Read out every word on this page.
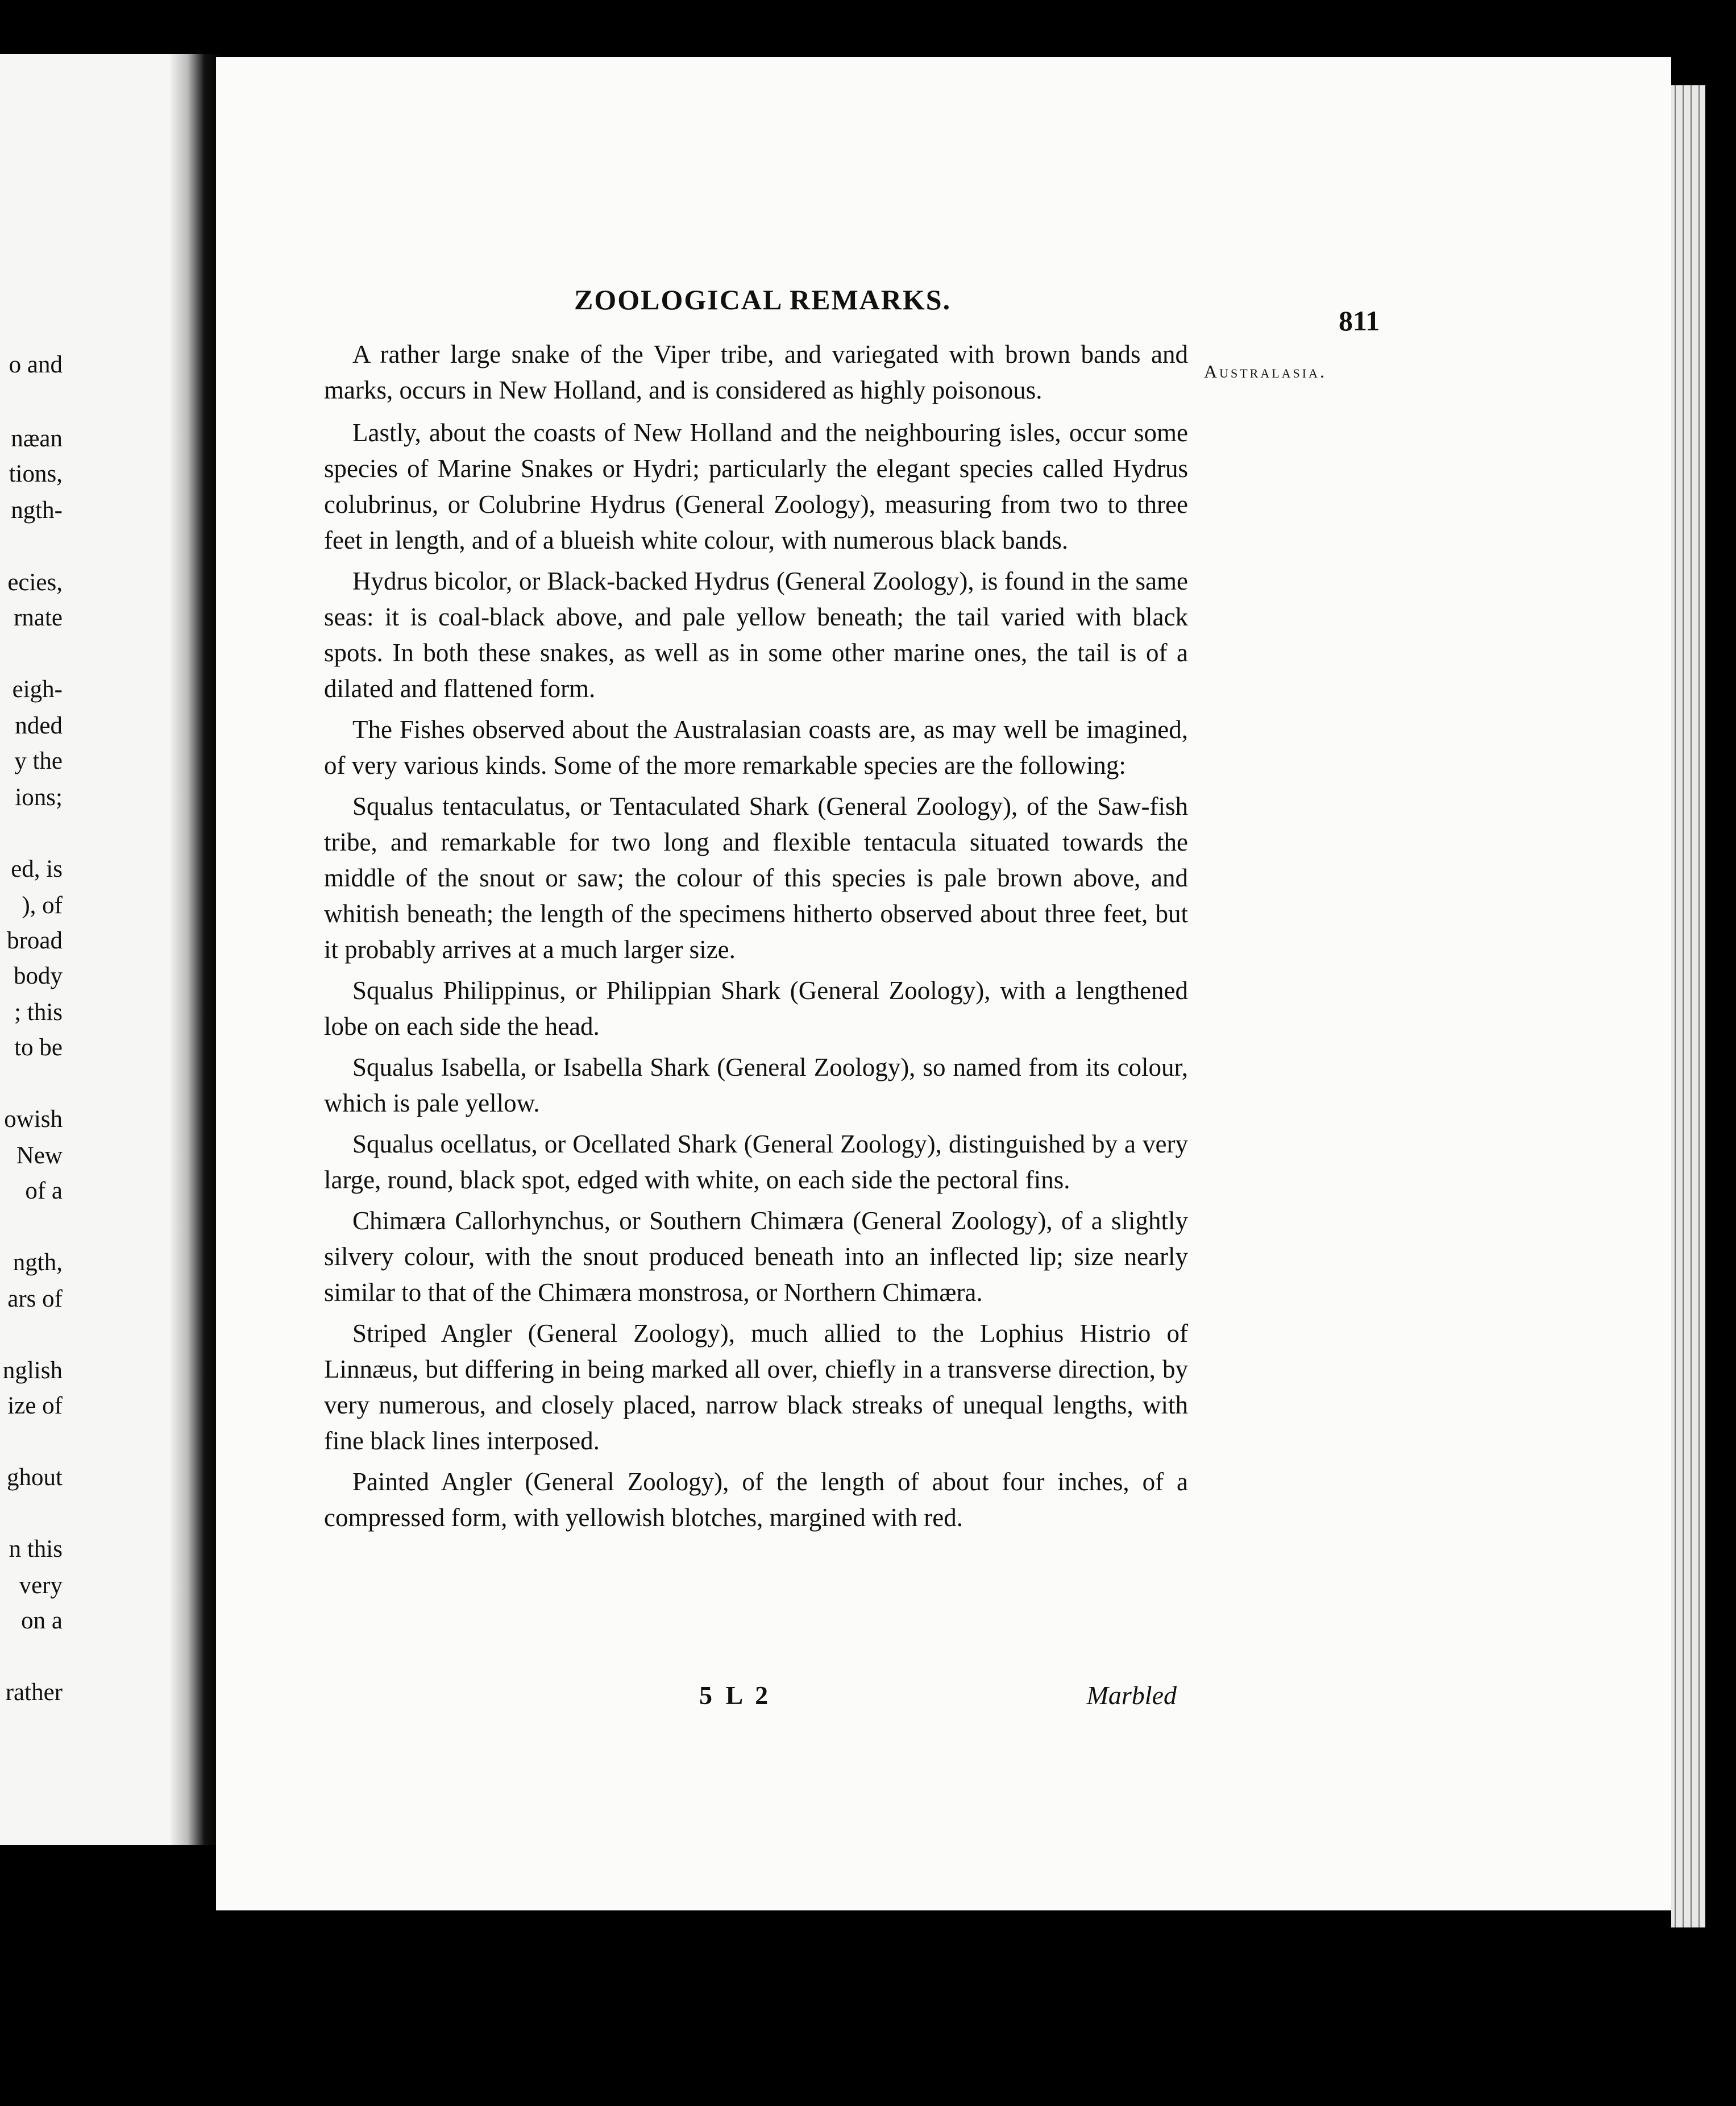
o and
næan
tions,
ngth-
ecies,
rnate
eigh-
nded
y the
ions;
ed, is
), of
broad
body
; this
to be
owish
New
of a
ngth,
ars of
nglish
ize of
ghout
n this
very
on a
rather
ZOOLOGICAL REMARKS.
811
Australasia.

A rather large snake of the Viper tribe, and variegated with brown bands and marks, occurs in New Holland, and is considered as highly poisonous.

Lastly, about the coasts of New Holland and the neighbouring isles, occur some species of Marine Snakes or Hydri; particularly the elegant species called Hydrus colubrinus, or Colubrine Hydrus (General Zoology), measuring from two to three feet in length, and of a blueish white colour, with numerous black bands.

Hydrus bicolor, or Black-backed Hydrus (General Zoology), is found in the same seas: it is coal-black above, and pale yellow beneath; the tail varied with black spots. In both these snakes, as well as in some other marine ones, the tail is of a dilated and flattened form.

The Fishes observed about the Australasian coasts are, as may well be imagined, of very various kinds. Some of the more remarkable species are the following:

Squalus tentaculatus, or Tentaculated Shark (General Zoology), of the Saw-fish tribe, and remarkable for two long and flexible tentacula situated towards the middle of the snout or saw; the colour of this species is pale brown above, and whitish beneath; the length of the specimens hitherto observed about three feet, but it probably arrives at a much larger size.

Squalus Philippinus, or Philippian Shark (General Zoology), with a lengthened lobe on each side the head.

Squalus Isabella, or Isabella Shark (General Zoology), so named from its colour, which is pale yellow.

Squalus ocellatus, or Ocellated Shark (General Zoology), distinguished by a very large, round, black spot, edged with white, on each side the pectoral fins.

Chimæra Callorhynchus, or Southern Chimæra (General Zoology), of a slightly silvery colour, with the snout produced beneath into an inflected lip; size nearly similar to that of the Chimæra monstrosa, or Northern Chimæra.

Striped Angler (General Zoology), much allied to the Lophius Histrio of Linnæus, but differing in being marked all over, chiefly in a transverse direction, by very numerous, and closely placed, narrow black streaks of unequal lengths, with fine black lines interposed.

Painted Angler (General Zoology), of the length of about four inches, of a compressed form, with yellowish blotches, margined with red.

5 L 2	Marbled
